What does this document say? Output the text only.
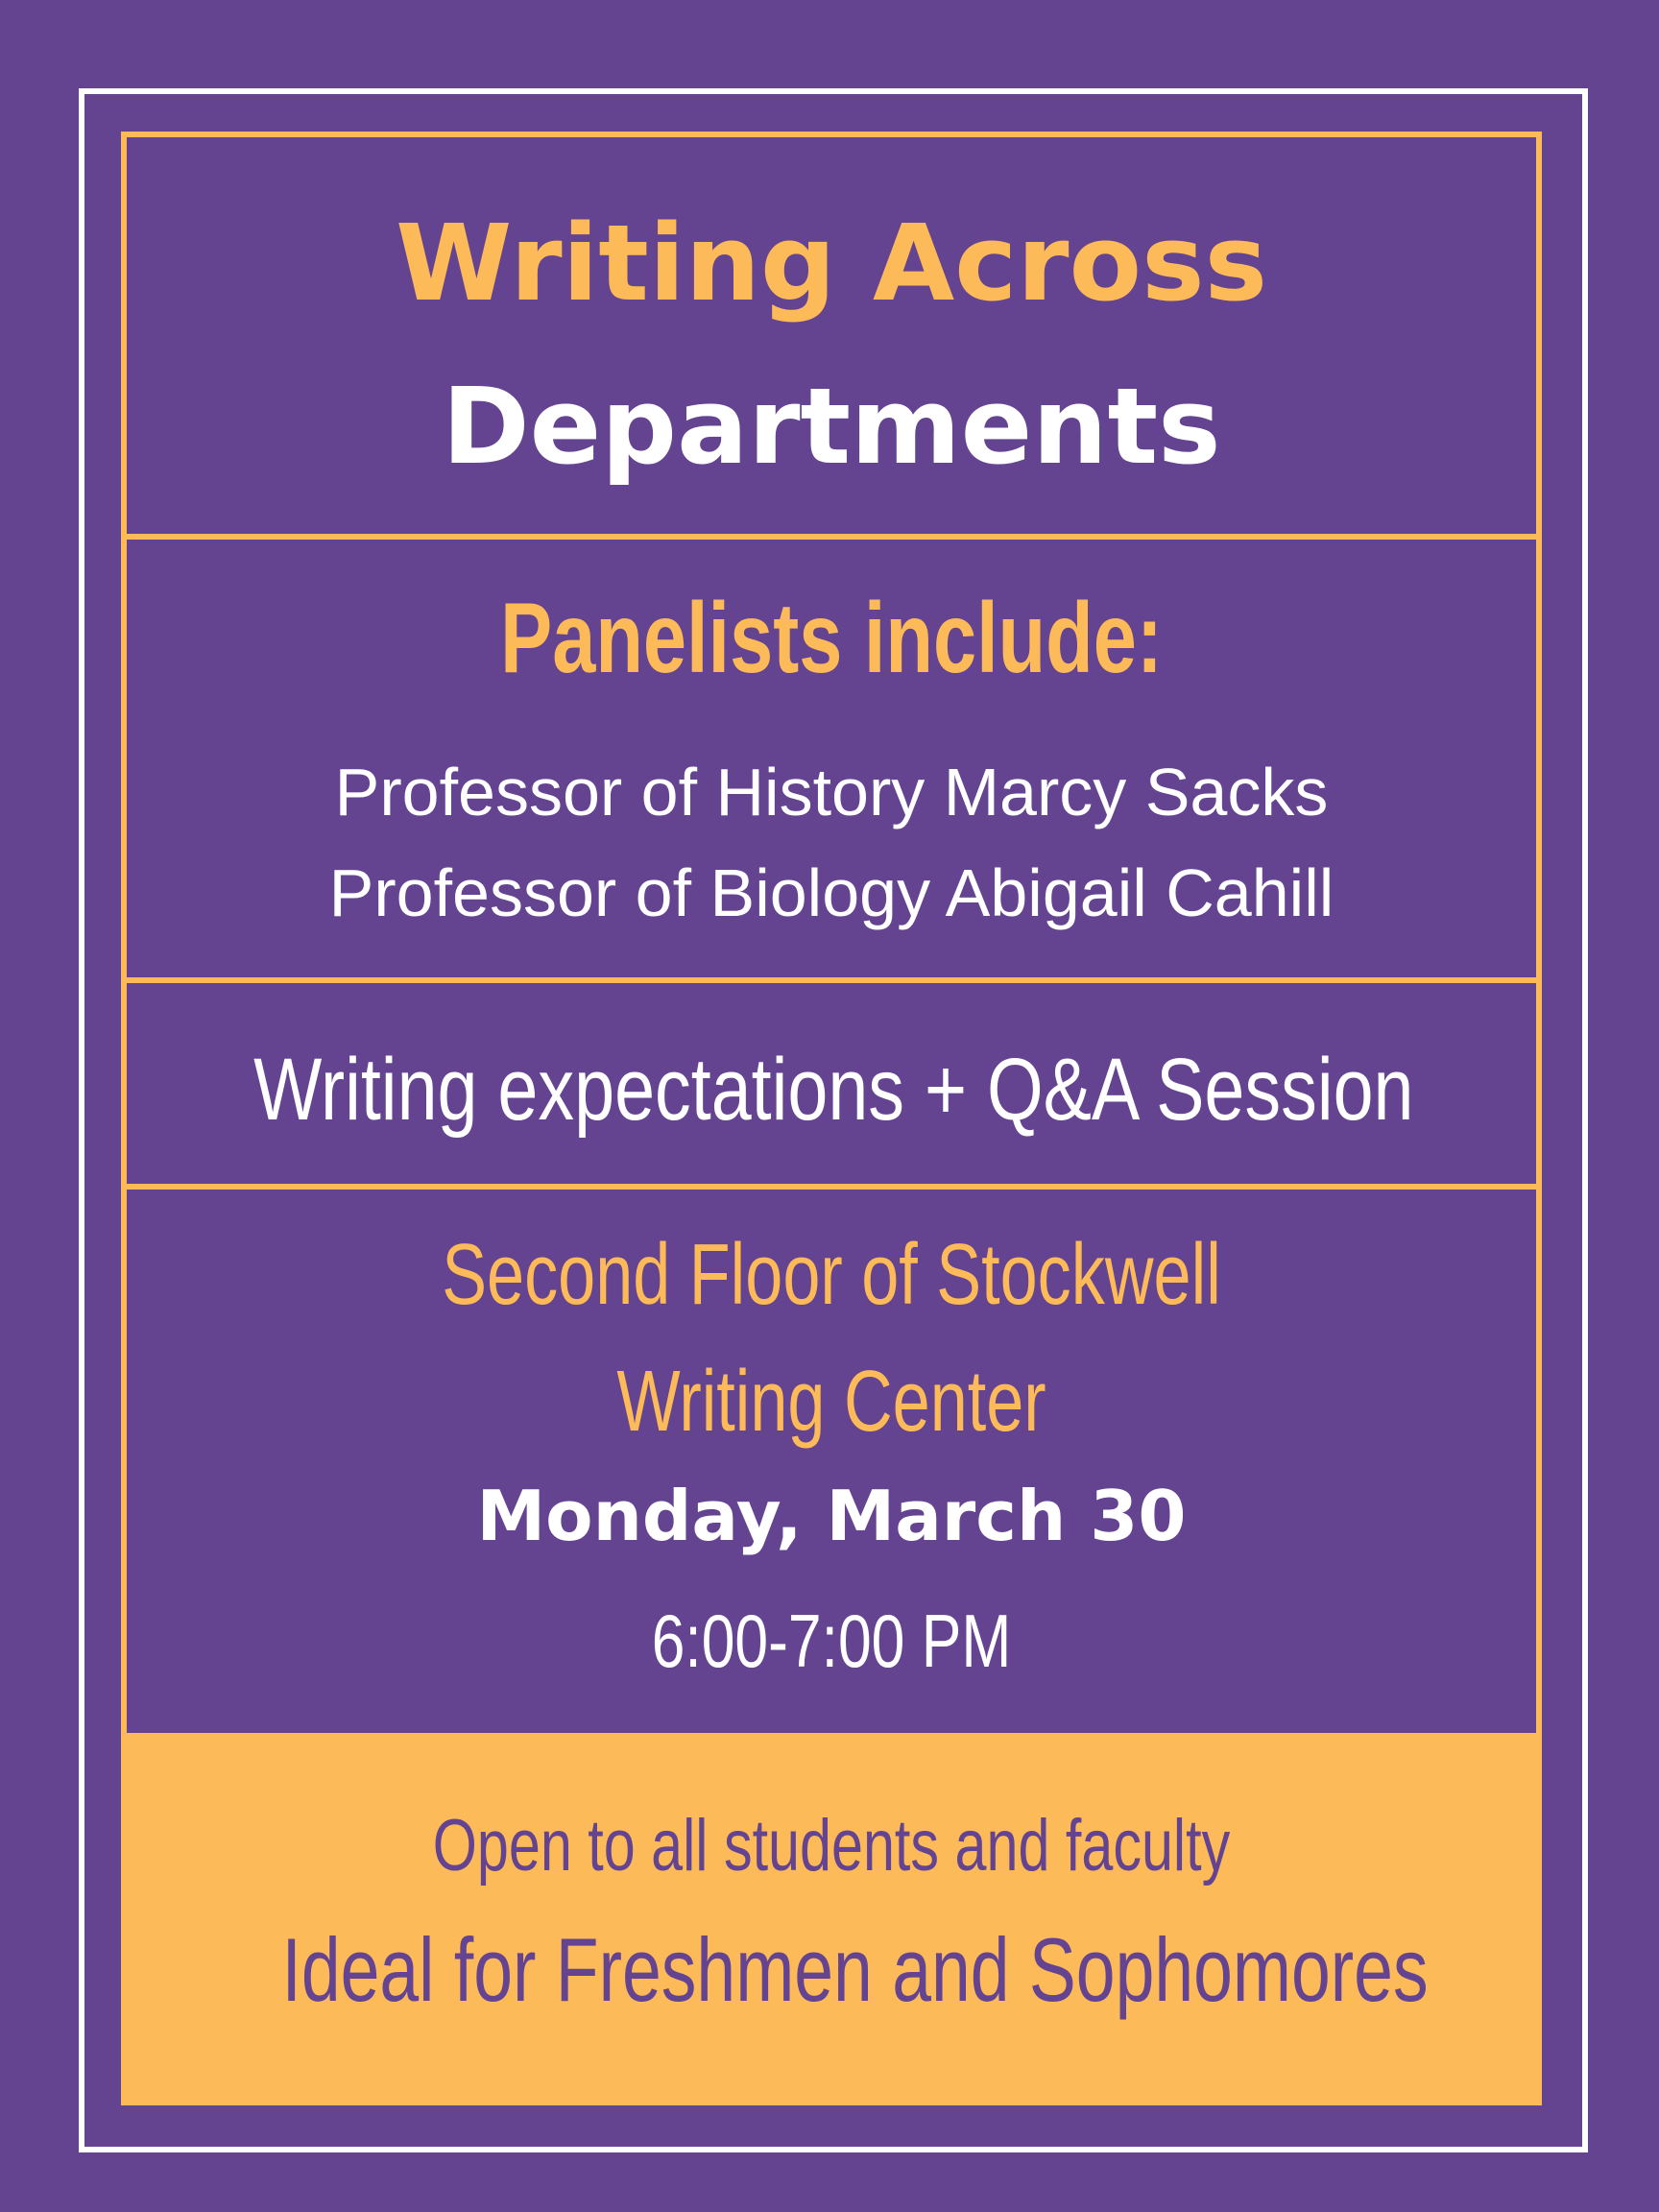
Writing Across
Departments
Panelists include:

Professor of History Marcy Sacks

Professor of Biology Abigail Cahill

Writing expectations + Q&A Session

Second Floor of Stockwell

Writing Center

Monday, March 30

6:00-7:00 PM

Open to all students and faculty

Ideal for Freshmen and Sophomores
